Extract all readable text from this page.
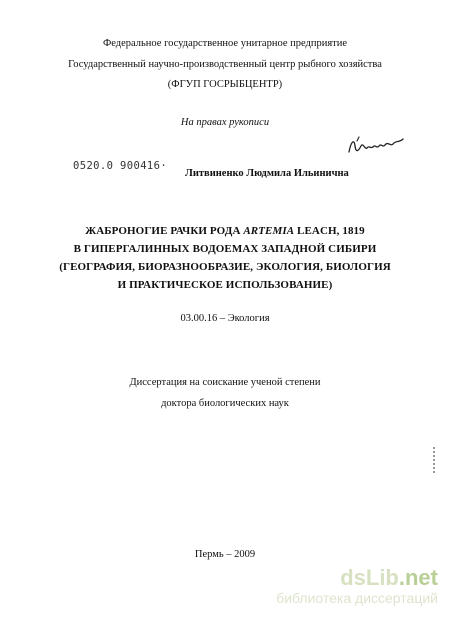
Федеральное государственное унитарное предприятие
Государственный научно-производственный центр рыбного хозяйства
(ФГУП ГОСРЫБЦЕНТР)
На правах рукописи
0520.0 900416·
Литвиненко Людмила Ильинична
ЖАБРОНОГИЕ РАЧКИ РОДА ARTEMIA LEACH, 1819
В ГИПЕРГАЛИННЫХ ВОДОЕМАХ ЗАПАДНОЙ СИБИРИ
(ГЕОГРАФИЯ, БИОРАЗНООБРАЗИЕ, ЭКОЛОГИЯ, БИОЛОГИЯ
И ПРАКТИЧЕСКОЕ ИСПОЛЬЗОВАНИЕ)
03.00.16 – Экология
Диссертация на соискание ученой степени
доктора биологических наук
Пермь – 2009
dsLib.net
библиотека диссертаций
